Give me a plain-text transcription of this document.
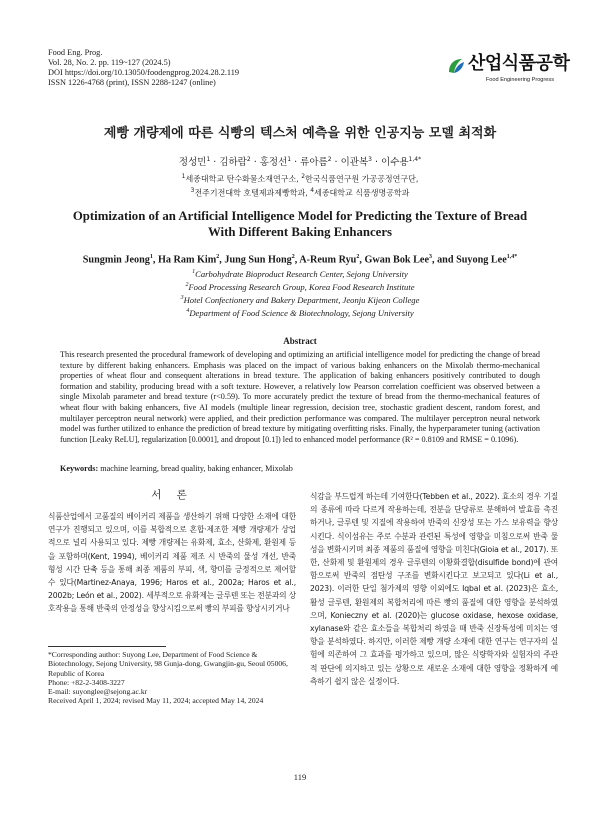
Food Eng. Prog.
Vol. 28, No. 2. pp. 119~127 (2024.5)
DOI https://doi.org/10.13050/foodengprog.2024.28.2.119
ISSN 1226-4768 (print), ISSN 2288-1247 (online)
산업식품공학
Food Engineering Progress
제빵 개량제에 따른 식빵의 텍스처 예측을 위한 인공지능 모델 최적화
정성민$^1$ · 김하람$^2$ · 홍정선$^1$ · 류아름$^2$ · 이관복$^3$ · 이수용$^{1,4*}$
$^1$세종대학교 탄수화물소재연구소, $^2$한국식품연구원 가공공정연구단,
$^3$전주기전대학 호텔제과제빵학과, $^4$세종대학교 식품생명공학과
Optimization of an Artificial Intelligence Model for Predicting the Texture of Bread With Different Baking Enhancers
Sungmin Jeong$^1$, Ha Ram Kim$^2$, Jung Sun Hong$^2$, A-Reum Ryu$^2$, Gwan Bok Lee$^3$, and Suyong Lee$^{1,4*}$
$^1$Carbohydrate Bioproduct Research Center, Sejong University
$^2$Food Processing Research Group, Korea Food Research Institute
$^3$Hotel Confectionery and Bakery Department, Jeonju Kijeon College
$^4$Department of Food Science & Biotechnology, Sejong University
Abstract
This research presented the procedural framework of developing and optimizing an artificial intelligence model for predicting the change of bread texture by different baking enhancers. Emphasis was placed on the impact of various baking enhancers on the Mixolab thermo-mechanical properties of wheat flour and consequent alterations in bread texture. The application of baking enhancers positively contributed to dough formation and stability, producing bread with a soft texture. However, a relatively low Pearson correlation coefficient was observed between a single Mixolab parameter and bread texture (r<0.59). To more accurately predict the texture of bread from the thermo-mechanical features of wheat flour with baking enhancers, five AI models (multiple linear regression, decision tree, stochastic gradient descent, random forest, and multilayer perceptron neural network) were applied, and their prediction performance was compared. The multilayer perceptron neural network model was further utilized to enhance the prediction of bread texture by mitigating overfitting risks. Finally, the hyperparameter tuning (activation function [Leaky ReLU], regularization [0.0001], and dropout [0.1]) led to enhanced model performance (R² = 0.8109 and RMSE = 0.1096).
Keywords: machine learning, bread quality, baking enhancer, Mixolab
서 론
식품산업에서 고품질의 베이커리 제품을 생산하기 위해 다양한 소재에 대한 연구가 진행되고 있으며, 이를 복합적으로 혼합·제조한 제빵 개량제가 상업적으로 널리 사용되고 있다. 제빵 개량제는 유화제, 효소, 산화제, 환원제 등을 포함하며(Kent, 1994), 베이커리 제품 제조 시 반죽의 물성 개선, 반죽 형성 시간 단축 등을 통해 최종 제품의 부피, 색, 향미를 긍정적으로 제어할 수 있다(Martinez-Anaya, 1996; Haros et al., 2002a; Haros et al., 2002b; León et al., 2002). 세부적으로 유화제는 글루텐 또는 전분과의 상호작용을 통해 반죽의 안정성을 향상시킴으로써 빵의 부피를 향상시키거나
식감을 부드럽게 하는데 기여한다(Tebben et al., 2022). 효소의 경우 기질의 종류에 따라 다르게 작용하는데, 전분을 단당류로 분해하여 발효를 촉진하거나, 글루텐 및 지질에 작용하여 반죽의 신장성 또는 가스 보유력을 향상시킨다. 식이섬유는 주로 수분과 관련된 특성에 영향을 미침으로써 반죽 물성을 변화시키며 최종 제품의 품질에 영향을 미친다(Gioia et al., 2017). 또한, 산화제 및 환원제의 경우 글루텐의 이황화결합(disulfide bond)에 관여함으로써 반죽의 점탄성 구조를 변화시킨다고 보고되고 있다(Li et al., 2023). 이러한 단일 첨가제의 영향 이외에도 Iqbal et al. (2023)은 효소, 활성 글루텐, 환원제의 복합처리에 따른 빵의 품질에 대한 영향을 분석하였으며, Konieczny et al. (2020)는 glucose oxidase, hexose oxidase, xylanase와 같은 효소들을 복합처리 하였을 때 반죽 신장특성에 미치는 영향을 분석하였다. 하지만, 이러한 제빵 개량 소재에 대한 연구는 연구자의 실험에 의존하여 그 효과를 평가하고 있으며, 많은 식량학자와 실험자의 주관적 판단에 의지하고 있는 상황으로 새로운 소재에 대한 영향을 정확하게 예측하기 쉽지 않은 실정이다.
*Corresponding author: Suyong Lee, Department of Food Science & Biotechnology, Sejong University, 98 Gunja-dong, Gwangjin-gu, Seoul 05006, Republic of Korea
Phone: +82-2-3408-3227
E-mail: suyonglee@sejong.ac.kr
Received April 1, 2024; revised May 11, 2024; accepted May 14, 2024
119
